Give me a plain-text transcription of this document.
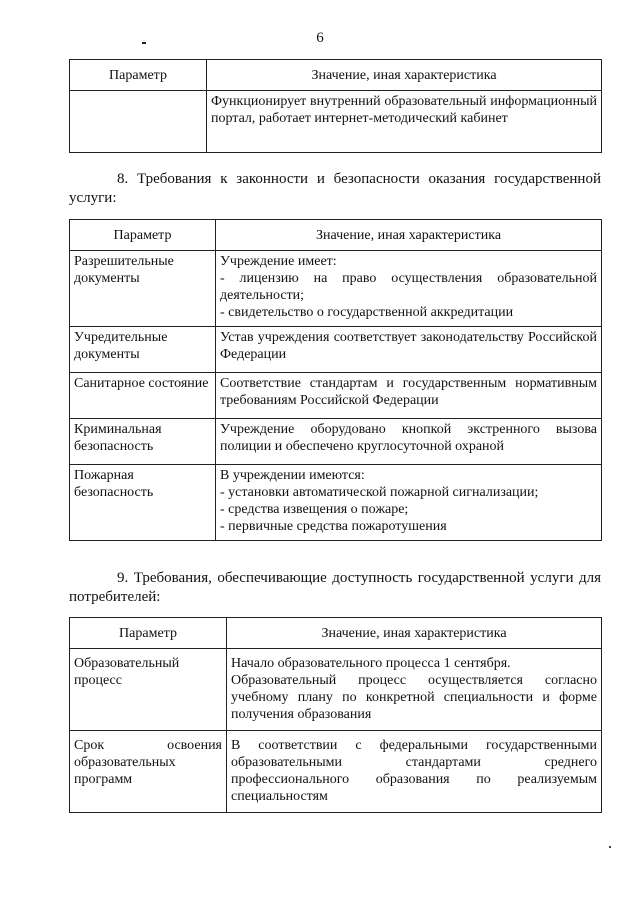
6
Параметр	Значение, иная характеристика
	Функционирует внутренний образовательный информационный портал, работает интернет-методический кабинет
8. Требования к законности и безопасности оказания государственной услуги:
Параметр	Значение, иная характеристика
Разрешительные документы	Учреждение имеет:
- лицензию на право осуществления образовательной деятельности;
- свидетельство о государственной аккредитации

Учредительные документы	Устав учреждения соответствует законодательству Российской Федерации
Санитарное состояние	Соответствие стандартам и государственным нормативным требованиям Российской Федерации
Криминальная безопасность	Учреждение оборудовано кнопкой экстренного вызова полиции и обеспечено круглосуточной охраной
Пожарная безопасность	В учреждении имеются:
- установки автоматической пожарной сигнализации;
- средства извещения о пожаре;
- первичные средства пожаротушения
9. Требования, обеспечивающие доступность государственной услуги для потребителей:
Параметр	Значение, иная характеристика
Образовательный процесс	Начало образовательного процесса 1 сентября.
Образовательный процесс осуществляется согласно учебному плану по конкретной специальности и форме получения образования

Срок освоения образовательных программ	В соответствии с федеральными государственными образовательными стандартами среднего профессионального образования по реализуемым специальностям
